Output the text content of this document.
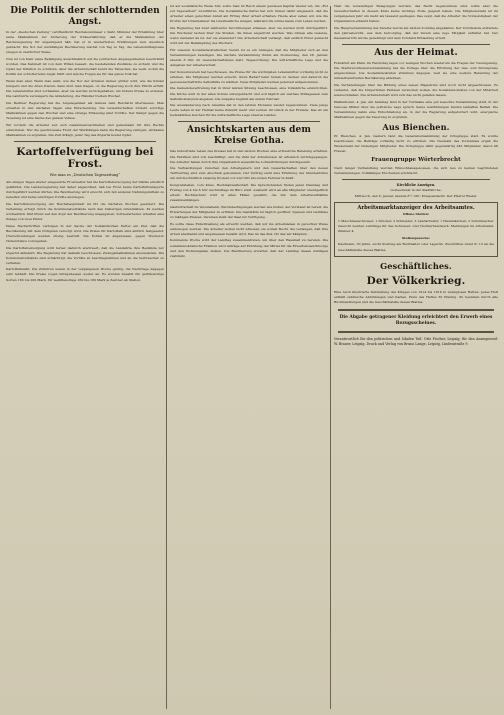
Die Politik der schlotternden Angst.
In der „Deutschen Zeitung“ veröffentlicht Reichskommissar v. Kahr, Minister der Ernährung über seine Maßnahmen zur Sicherung der Volksernährung; daß er die Maßnahmen der Reichsregierung für ungenügend hält, hat er in wiederholten Erklärungen zum Ausdruck gebracht. Die Not der werktätigen Bevölkerung wächst von Tag zu Tag, die Lebensmittelpreise steigen in unerhörter Weise.
Nun ist von Kahr seine Betätigung ausschließlich auf die politischen Angelegenheiten beschränkt worden. Das Kabinett ist von dem Willen beseelt, die bestehenden Zustände zu sichern und die Opfer der Inflation zu schützen. Aber die Arbeiterschaft kennt die Tatsachen, sie weiß, wohin die Politik der schlotternden Angst führt und welche Folgen sie für das ganze Volk hat.
Wenn man aber, Wenn man sieht, wie die Not der Ärmsten immer größer wird, wie die Kinder hungern und die Alten frieren, dann muß man fragen, ob die Regierung noch ihre Pflicht erfüllt. Die Lebensmittel sind vorhanden, aber sie werden zurückgehalten, um höhere Preise zu erzielen. Die Landwirte verweigern die Ablieferung, die Händler treiben Wucher.
Die Berliner Regierung hat die Angelegenheit als Ganzes dem Reichsrat überwiesen. Man erwartet in den nächsten Tagen eine Entscheidung. Die Gewerkschaften fordern sofortige Maßnahmen gegen den Wucher und eine strenge Erfassung aller Vorräte. Der Kampf gegen die Teuerung ist eine Sache des ganzen Volkes.
Wir fordern die Arbeiter auf, sich zusammenzuschließen und gemeinsam für ihre Rechte einzutreten. Nur die geschlossene Front der Werktätigen kann die Regierung zwingen, wirksame Maßnahmen zu ergreifen. Die Zeit drängt, jeder Tag des Zögerns kostet Opfer.
Kartoffelverfügung bei Frost.
Wie man es „Deutschen Tageszeitung“
Am einigen Tagen wieder eingesetzte Frostwetter hat die Kartoffelversorgung der Städte ernstlich gefährdet. Die Landesregierung hat daher angeordnet, daß bei Frost keine Kartoffeltransporte durchgeführt werden dürfen. Die Bevölkerung wird ersucht, sich mit anderen Nahrungsmitteln zu behelfen und keine unnötigen Vorräte anzulegen.
Die Kartoffelversorgung der Reichshauptstadt ist für die nächsten Wochen gesichert. Die Verteilung erfolgt durch die Kommunalverbände nach den bisherigen Grundsätzen. Es werden wöchentlich fünf Pfund auf den Kopf der Bevölkerung ausgegeben, Schwerarbeiter erhalten eine Zulage von zwei Pfund.
Diese Nachschriften verfolgen in der Sache der Sozialistischen Partei ein Ziel, daß die Bevölkerung mit dem Nötigsten versorgt wird. Die Preise für Kartoffeln sind amtlich festgesetzt, Überschreitungen werden streng bestraft. Die Polizei ist angewiesen, gegen Wucherer rücksichtslos vorzugehen.
Die Kartoffelversorgung wird ferner dadurch erschwert, daß die Landwirte ihre Bestände nur zögernd abliefern. Die Regierung hat deshalb beschlossen, Zwangsmaßnahmen anzuwenden. Die Kommunalverbände sind ermächtigt, die Vorräte zu beschlagnahmen und an die Verbraucher zu verteilen.
Kartoffelmarkt. Die Zufuhren waren in der vergangenen Woche gering, die Nachfrage dagegen sehr lebhaft. Die Preise zogen infolgedessen weiter an. Es wurden bezahlt für gelbfleischige Sorten 180 bis 200 Mark, für weißfleischige 160 bis 180 Mark je Zentner ab Station.
Ist auf sozialistische Weise Sitz, sollte man im Reich einem gewissen Kapital wieder ein, die „Rot zur Tagesarbeit“ zuzuführen. Die Sozialistische Partei hat sich immer dafür eingesetzt, daß die Arbeiter einen gerechten Anteil am Ertrag ihrer Arbeit erhalten. Heute aber sehen wir, wie die Profite der Unternehmer ins Unermeßliche steigen, während die Löhne kaum zum Leben reichen.
Die Regierung hat zwar zahlreiche Verordnungen erlassen, aber sie werden nicht durchgeführt. Die Wucherer lachen über die Strafen, die ihnen angedroht werden. Was nützen alle Gesetze, wenn niemand da ist, der sie anwendet? Die Arbeiterschaft verlangt, daß endlich Ernst gemacht wird mit der Bekämpfung des Wuchers.
Für unseren Sozialdemokratischen Verein ist es ein Anliegen, daß die Mitglieder sich an den Versammlungen beteiligen. Die nächste Versammlung findet am Donnerstag, den 28. Januar, abends 8 Uhr, im Gewerkschaftshaus statt. Tagesordnung: Die wirtschaftliche Lage und die Aufgaben der Arbeiterschaft.
Der Konsumverein hat beschlossen, die Preise für die wichtigsten Lebensmittel vorläufig nicht zu erhöhen. Die Mitglieder werden ersucht, ihren Bedarf beim Verein zu decken und dadurch die genossenschaftliche Selbsthilfe zu stärken. Neue Mitglieder werden jederzeit aufgenommen.
Die Gemeindevertretung hat in ihrer letzten Sitzung beschlossen, eine Volksküche einzurichten. Die Küche wird in der alten Schule untergebracht und soll täglich ein warmes Mittagessen zum Selbstkostenpreis abgeben. Die Ausgabe beginnt am ersten Februar.
Die Auswanderung nach Amerika hat in den letzten Monaten wieder zugenommen. Viele junge Leute sehen in der Heimat keine Zukunft mehr und suchen ihr Glück in der Fremde. Das ist ein bedenkliches Zeichen für die wirtschaftliche Lage unseres Landes.
Ansichtskarten aus dem Kreise Gotha.
Das industrielle Leben des Kreises hat in den letzten Wochen eine erfreuliche Belebung erfahren. Die Fabriken sind voll beschäftigt, und die Zahl der Arbeitslosen ist erheblich zurückgegangen. Die Arbeiter haben durch ihre Organisation wesentliche Lohnerhöhungen durchgesetzt.
Die Verhandlungen zwischen den Arbeitgebern und den Gewerkschaften über den neuen Tarifvertrag sind zum Abschluß gekommen. Der Vertrag sieht eine Erhöhung der Stundenlöhne um durchschnittlich zwanzig Prozent vor und tritt am ersten Februar in Kraft.
Kongreßstellen, vom Kreis, Rechtsanwaltschaft. Die Sprechstunden finden jeden Dienstag und Freitag von 4 bis 6 Uhr nachmittags im Büro statt. Auskunft wird an alle Mitglieder unentgeltlich erteilt. Rechtsschutz wird in allen Fällen gewährt, die mit dem Arbeitsverhältnis zusammenhängen.
Gastwirtschaft im Vereinsheim, Berufsbedingungen werden wie bisher, der Vorstand ist bereit, die Erwartungen der Mitglieder zu erfüllen. Die Gaststätte ist täglich geöffnet, Speisen und Getränke zu mäßigen Preisen. Vereinen steht der Saal zur Verfügung.
Es sollte diese Entschließung als erreicht werden, daß wir ins Arbeitsleben in gerechter Weise einbezogen werden. Die Arbeiter wollen nicht Almosen, sie wollen Recht. Sie verlangen, daß ihre Arbeit anerkannt und angemessen bezahlt wird. Das ist das Ziel, für das wir kämpfen.
Kommende Woche wird der Landtag zusammentreten, um über den Haushalt zu beraten. Die sozialdemokratische Fraktion wird Anträge auf Erhöhung der Mittel für die Erwerbslosenfürsorge und den Wohnungsbau stellen. Die Bevölkerung erwartet, daß der Landtag diesen Anträgen zustimmt.
Hast die notwendigen Belegungen wurden, das Recht zugenommen sind, sollte aber die Gewerkschaften in diesem Kreis keine wichtige Rolle gespielt haben. Die Mitgliederzahl ist im vergangenen Jahr um mehr als tausend gestiegen. Das zeigt, daß die Arbeiter die Notwendigkeit der Organisation erkannt haben.
Die Hauptversammlung des Vereins wurde am letzten Sonntag abgehalten. Der Vorsitzende erstattete den Jahresbericht, aus dem hervorging, daß der Verein eine rege Tätigkeit entfaltet hat. Der Kassenbericht wurde genehmigt und dem Vorstand Entlastung erteilt.
Aus der Heimat.
Frankfurt am Main, Im Reichstag lagen vor wenigen Wochen wiederum die Fragen der Neuregelung. Die Stadtverordnetenversammlung hat die Vorlage über die Erhöhung der Gas- und Strompreise angenommen. Die Sozialdemokraten stimmten dagegen, weil sie eine weitere Belastung der minderbemittelten Bevölkerung ablehnen.
Die Verhandlungen über die Bildung eines neuen Magistrats sind noch nicht abgeschlossen. Es verlautet, daß die bürgerlichen Parteien versuchen wollen, die Sozialdemokraten von der Mitarbeit auszuschließen. Die Arbeiterschaft wird sich das nicht gefallen lassen.
Pfaffenhofen, 4. Jan. Am Samstag fand in der Turnhalle eine gut besuchte Versammlung statt, in der Genosse Müller über die politische Lage sprach. Seine Ausführungen fanden lebhaften Beifall. Die Versammlung nahm eine Entschließung an, in der die Regierung aufgefordert wird, energische Maßnahmen gegen die Teuerung zu ergreifen.
Aus Bienchen.
Pf. Bienchen, 4. Jan. Gestern fand die Generalversammlung der Ortsgruppe statt. Es wurde beschlossen, die Beiträge vorläufig nicht zu erhöhen. Die Neuwahl des Vorstandes ergab die Wiederwahl der bisherigen Mitglieder. Die Ortsgruppe zählt gegenwärtig 245 Mitglieder, davon 68 Frauen.
Frauengruppe Wörterbrecht
Nach langer Verhandlung wurden Wünschbausgenossen, die sich neu zu beiden begründeten Versammlungen. Vollzähliges Erscheinen erwünscht.
Kirchliche Anzeigen.
Gottesdienst in der Stadtkirche.
Mittwoch, den 6. Januar, abends 8½ Uhr: Kriegsandacht. Der Pfarrer Riedel.
Arbeitsmarktanzeiger des Arbeitsamtes.
Offene Stellen:
1 Maschinenschlosser, 1 Drucker, 2 Schneider, 3 Landarbeiter, 1 Hausmädchen, 2 Schuhmacher. Gesucht werden Lehrlinge für das Schlosser- und Tischlerhandwerk. Meldungen im Arbeitsamt, Zimmer 4.
Stellengesuche:
Kaufmann, 30 Jahre, sucht Stellung als Buchhalter oder Lagerist. Zuschriften unter K. 12 an die Geschäftsstelle dieses Blattes.
Geschäftliches.
Der Völkerkrieg.
Eine reich illustrierte Darstellung des Krieges von 1914 bis 1918 in zwanglosen Heften. Jedes Heft enthält zahlreiche Abbildungen und Karten. Preis des Heftes 30 Pfennig. Zu beziehen durch alle Buchhandlungen und die Geschäftsstelle dieses Blattes.
Die Abgabe getragener Kleidung erleichtert den Erwerb eines Bezugsscheines.
Verantwortlich für den politischen und lokalen Teil: Otto Fischer, Leipzig; für den Anzeigenteil: W. Brauer, Leipzig. Druck und Verlag von Bruno Lange, Leipzig, Lindenstraße 9.
